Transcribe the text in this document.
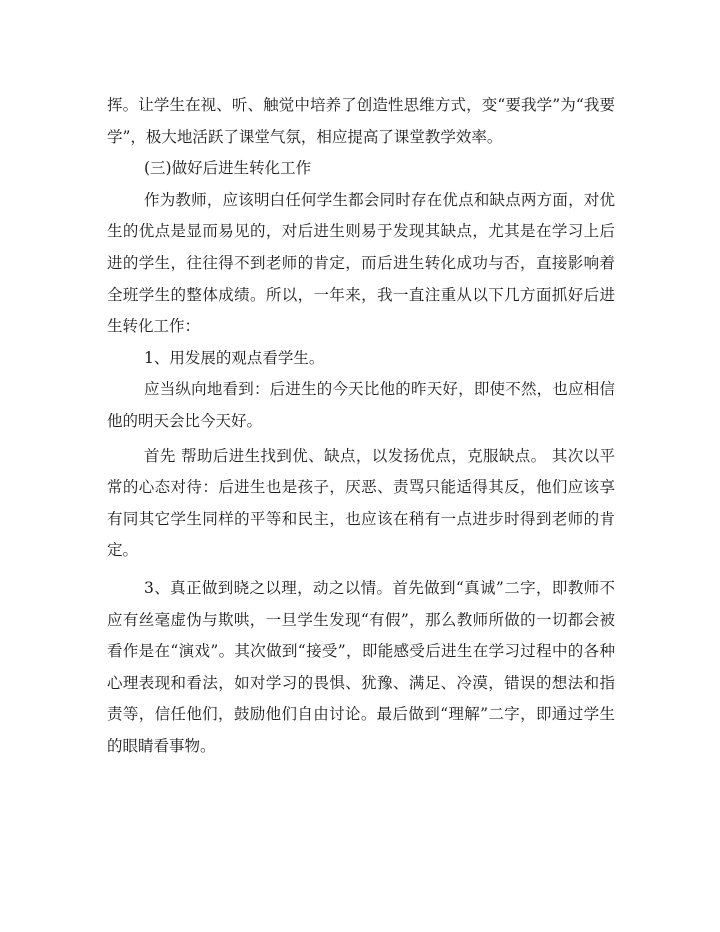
挥。让学生在视、听、触觉中培养了创造性思维方式，变“要我学”为“我要学”，极大地活跃了课堂气氛，相应提高了课堂教学效率。

(三)做好后进生转化工作

作为教师，应该明白任何学生都会同时存在优点和缺点两方面，对优生的优点是显而易见的，对后进生则易于发现其缺点，尤其是在学习上后进的学生，往往得不到老师的肯定，而后进生转化成功与否，直接影响着全班学生的整体成绩。所以，一年来，我一直注重从以下几方面抓好后进生转化工作：

1、用发展的观点看学生。

应当纵向地看到：后进生的今天比他的昨天好，即使不然，也应相信他的明天会比今天好。

首先 帮助后进生找到优、缺点，以发扬优点，克服缺点。 其次以平常的心态对待：后进生也是孩子，厌恶、责骂只能适得其反，他们应该享有同其它学生同样的平等和民主，也应该在稍有一点进步时得到老师的肯定。

3、真正做到晓之以理，动之以情。首先做到“真诚”二字，即教师不应有丝毫虚伪与欺哄，一旦学生发现“有假”，那么教师所做的一切都会被看作是在“演戏”。其次做到“接受”，即能感受后进生在学习过程中的各种心理表现和看法，如对学习的畏惧、犹豫、满足、冷漠，错误的想法和指责等，信任他们，鼓励他们自由讨论。最后做到“理解”二字，即通过学生的眼睛看事物。
